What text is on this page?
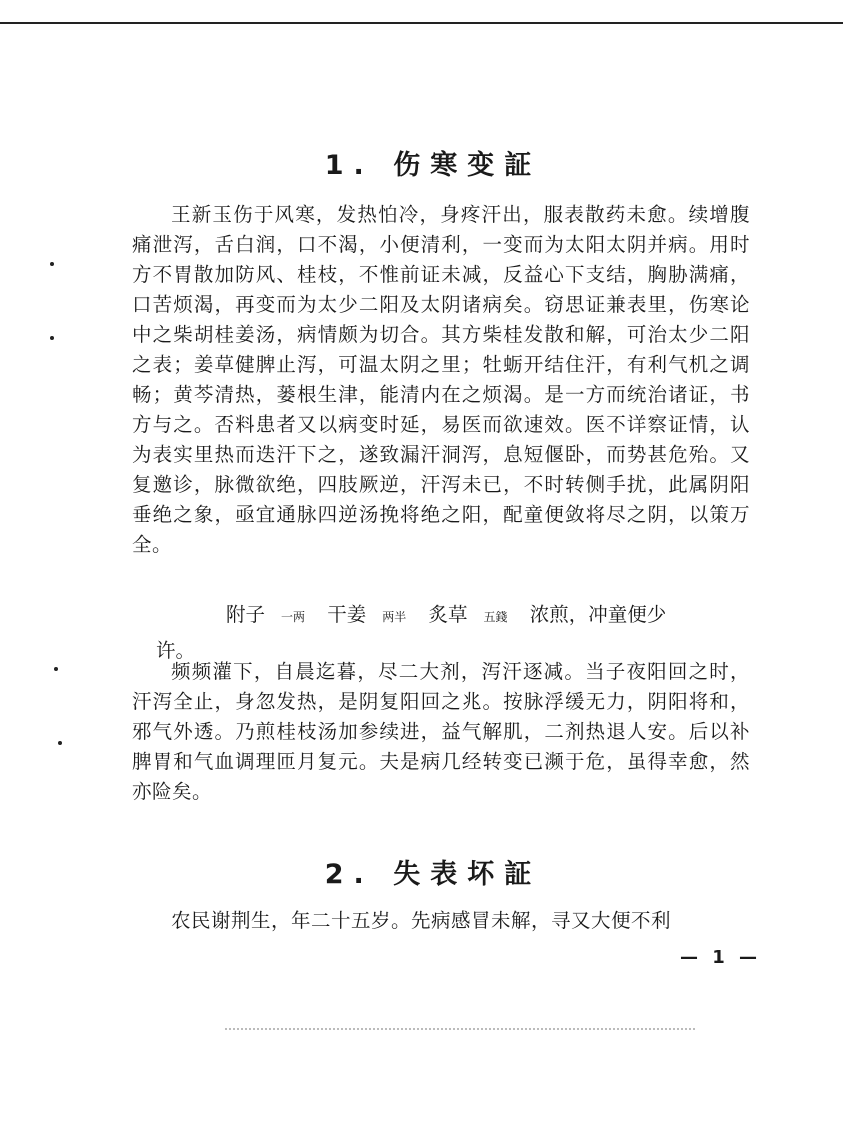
1. 伤寒变証

王新玉伤于风寒，发热怕冷，身疼汗出，服表散药未愈。续增腹痛泄泻，舌白润，口不渴，小便清利，一变而为太阳太阴并病。用时方不胃散加防风、桂枝，不惟前证未减，反益心下支结，胸胁满痛，口苦烦渴，再变而为太少二阳及太阴诸病矣。窃思证兼表里，伤寒论中之柴胡桂姜汤，病情颇为切合。其方柴桂发散和解，可治太少二阳之表；姜草健脾止泻，可温太阴之里；牡蛎开结住汗，有利气机之调畅；黄芩清热，蒌根生津，能清内在之烦渴。是一方而统治诸证，书方与之。否料患者又以病变时延，易医而欲速效。医不详察证情，认为表实里热而迭汗下之，遂致漏汗洞泻，息短偃卧，而势甚危殆。又复邀诊，脉微欲绝，四肢厥逆，汗泻未已，不时转侧手扰，此属阴阳垂绝之象，亟宜通脉四逆汤挽将绝之阳，配童便敛将尽之阴，以策万全。

附子 一两 干姜 两半 炙草 五錢 浓煎，冲童便少
许。

频频灌下，自晨迄暮，尽二大剂，泻汗逐减。当子夜阳回之时，汗泻全止，身忽发热，是阴复阳回之兆。按脉浮缓无力，阴阳将和，邪气外透。乃煎桂枝汤加参续进，益气解肌，二剂热退人安。后以补脾胃和气血调理匝月复元。夫是病几经转变已濒于危，虽得幸愈，然亦险矣。

2. 失表坏証

农民谢荆生，年二十五岁。先病感冒未解，寻又大便不利

— 1 —
